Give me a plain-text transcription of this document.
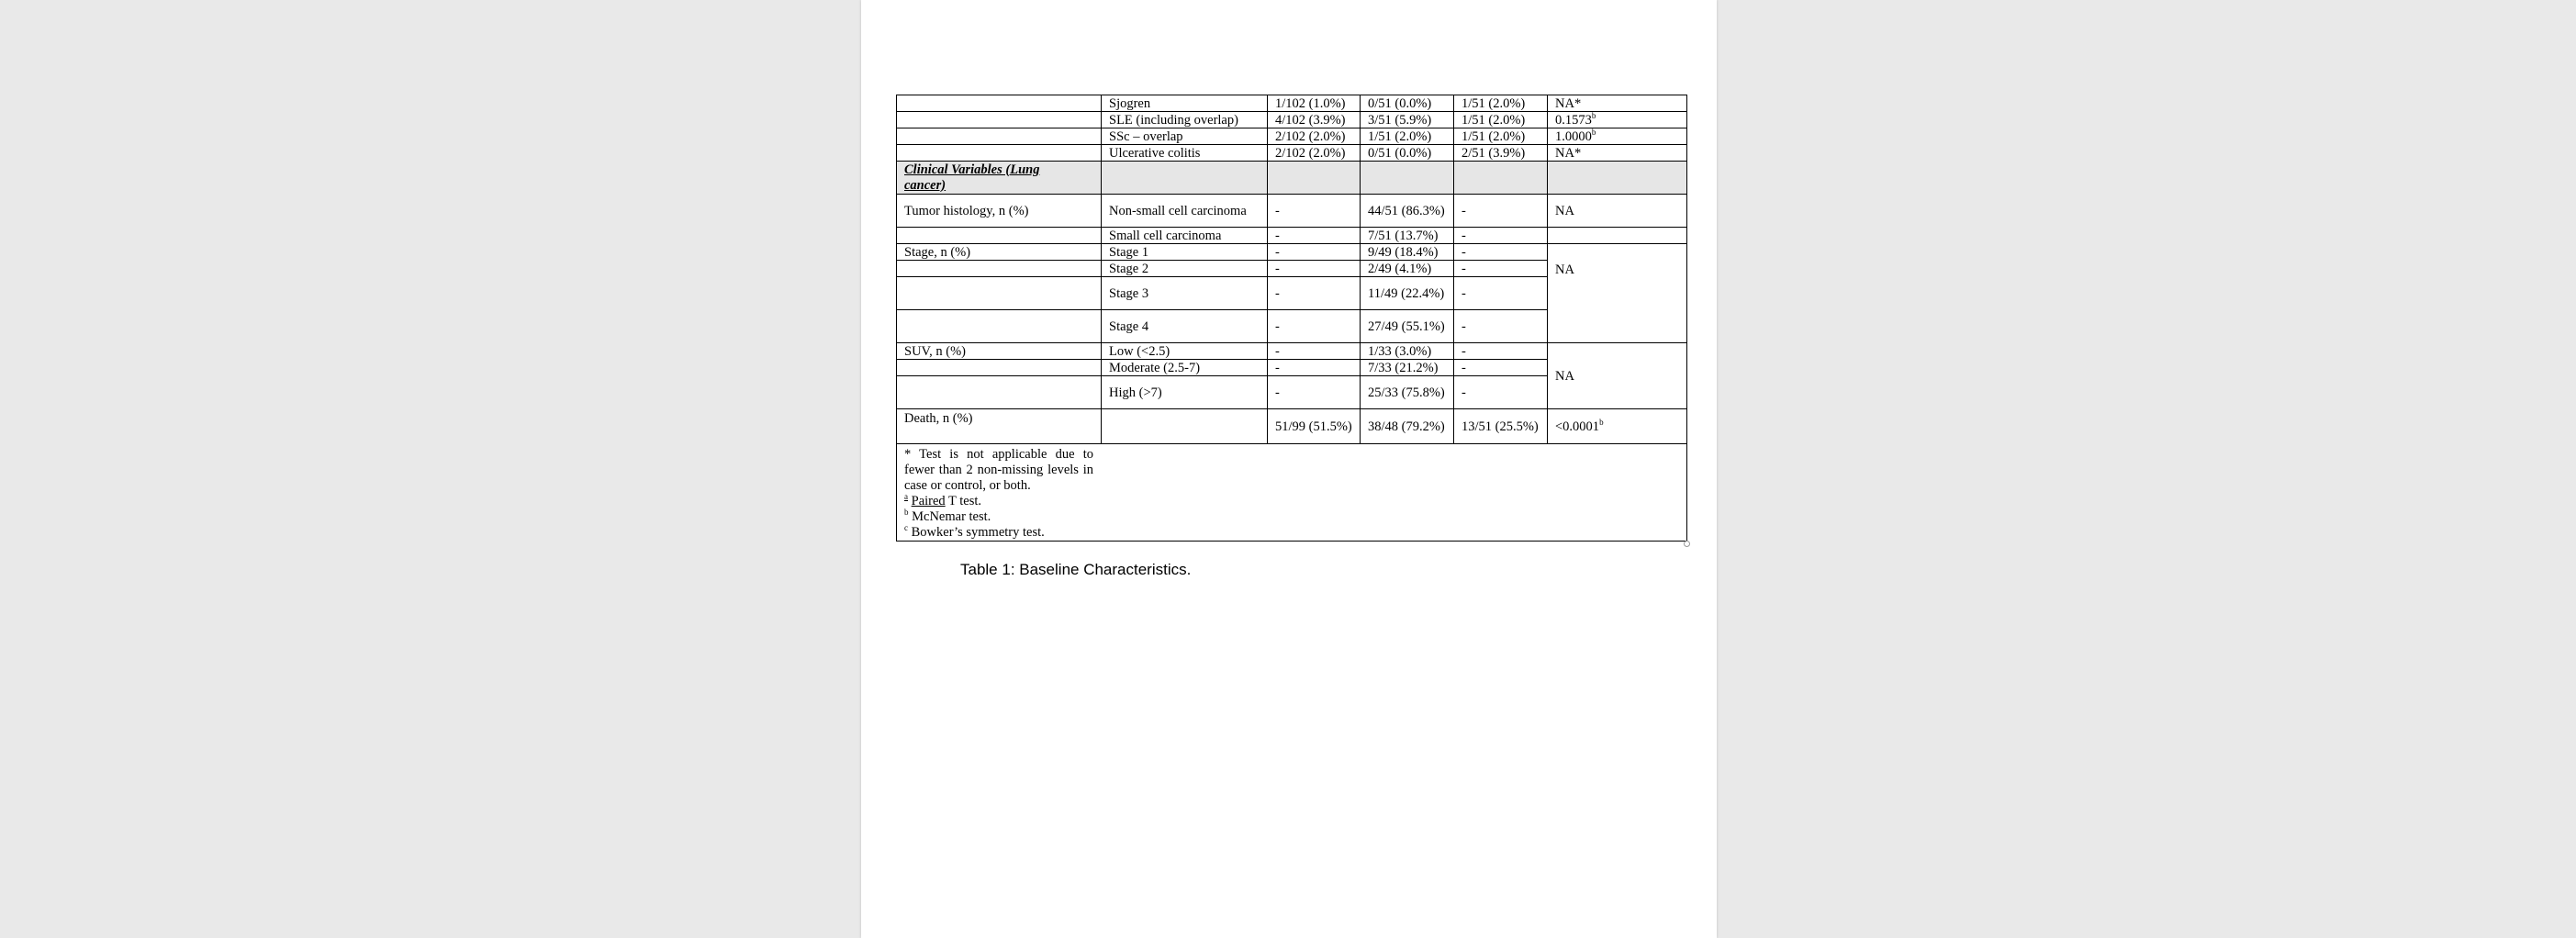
	Sjogren	1/102 (1.0%)	0/51 (0.0%)	1/51 (2.0%)	NA*
	SLE (including overlap)	4/102 (3.9%)	3/51 (5.9%)	1/51 (2.0%)	0.1573$^b$
	SSc – overlap	2/102 (2.0%)	1/51 (2.0%)	1/51 (2.0%)	1.0000$^b$
	Ulcerative colitis	2/102 (2.0%)	0/51 (0.0%)	2/51 (3.9%)	NA*

Clinical Variables (Lung cancer)					

Tumor histology, n (%)	Non-small cell carcinoma	-	44/51 (86.3%)	-	NA
	Small cell carcinoma	-	7/51 (13.7%)	-	
Stage, n (%)	Stage 1	-	9/49 (18.4%)	-	NA
	Stage 2	-	2/49 (4.1%)	-	
	Stage 3	-	11/49 (22.4%)	-	
	Stage 4	-	27/49 (55.1%)	-	
SUV, n (%)	Low (<2.5)	-	1/33 (3.0%)	-	NA
	Moderate (2.5-7)	-	7/33 (21.2%)	-	
	High (>7)	-	25/33 (75.8%)	-	
Death, n (%)		51/99 (51.5%)	38/48 (79.2%)	13/51 (25.5%)	<0.0001$^b$

* Test is not applicable due to fewer than 2 non-missing levels in case or control, or both.
$^a$ Paired T test.
$^b$ McNemar test.
$^c$ Bowker’s symmetry test.					
Table 1: Baseline Characteristics.
